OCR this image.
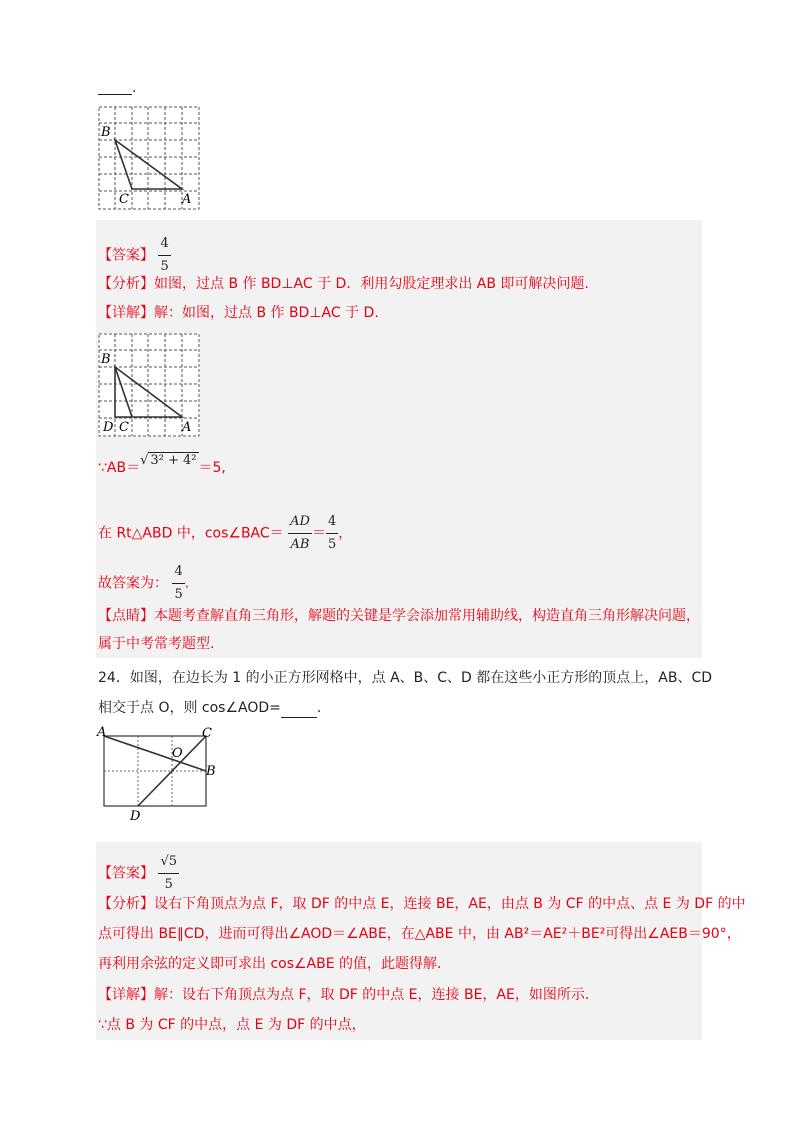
.
B
C	A
【答案】 $\frac{4}{5}$
【分析】如图，过点 B 作 BD⊥AC 于 D．利用勾股定理求出 AB 即可解决问题.
【详解】解：如图，过点 B 作 BD⊥AC 于 D.
B
D C	A
∵AB＝√ 3² + 4² ＝5,
在 Rt△ABD 中，cos∠BAC＝ $\frac{AD}{AB} = \frac{4}{5}$ ，
故答案为： $\frac{4}{5}$ .
【点睛】本题考查解直角三角形，解题的关键是学会添加常用辅助线，构造直角三角形解决问题，
属于中考常考题型.
24．如图，在边长为 1 的小正方形网格中，点 A、B、C、D 都在这些小正方形的顶点上，AB、CD
相交于点 O，则 cos∠AOD=	.
A	C
O
B
D
【答案】 $\frac{√5}{5}$
【分析】设右下角顶点为点 F，取 DF 的中点 E，连接 BE，AE，由点 B 为 CF 的中点、点 E 为 DF 的中
点可得出 BE∥CD，进而可得出∠AOD＝∠ABE，在△ABE 中，由 AB²＝AE²＋BE²可得出∠AEB＝90°，
再利用余弦的定义即可求出 cos∠ABE 的值，此题得解.
【详解】解：设右下角顶点为点 F，取 DF 的中点 E，连接 BE，AE，如图所示.
∵点 B 为 CF 的中点，点 E 为 DF 的中点，
